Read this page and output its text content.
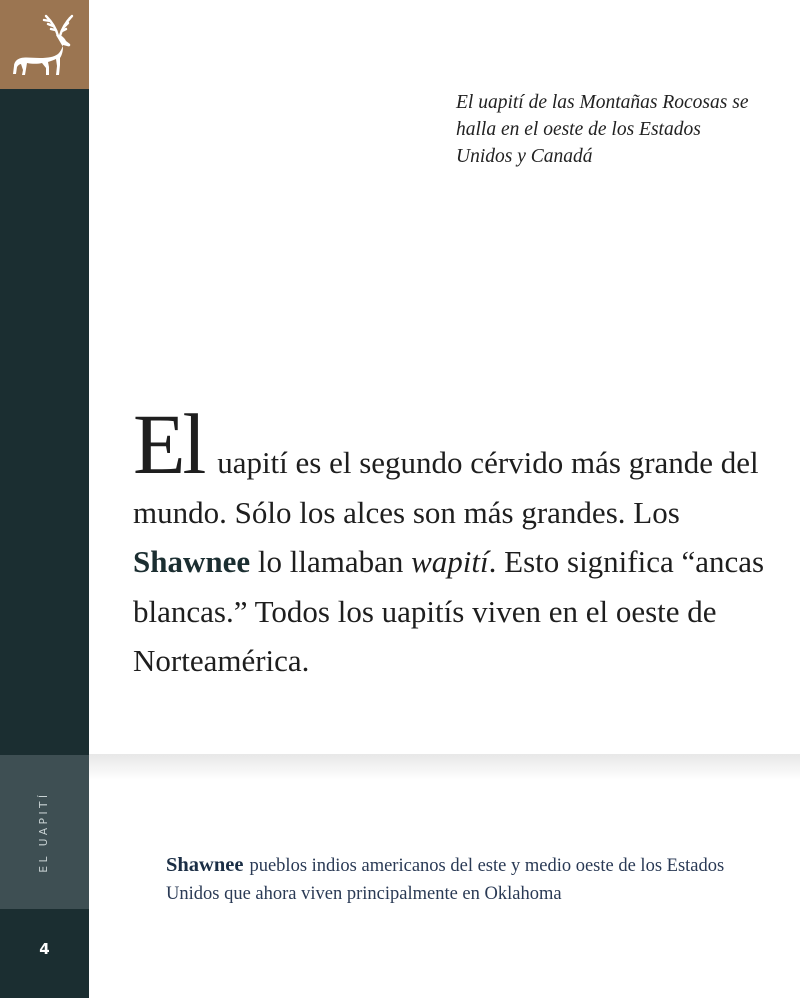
EL UAPITÍ
4
El uapití de las Montañas Rocosas se halla en el oeste de los Estados Unidos y Canadá

El uapití es el segundo cérvido más grande del mundo. Sólo los alces son más grandes. Los Shawnee lo llamaban wapití. Esto significa “ancas blancas.” Todos los uapitís viven en el oeste de Norteamérica.

Shawnee pueblos indios americanos del este y medio oeste de los Estados Unidos que ahora viven principalmente en Oklahoma
